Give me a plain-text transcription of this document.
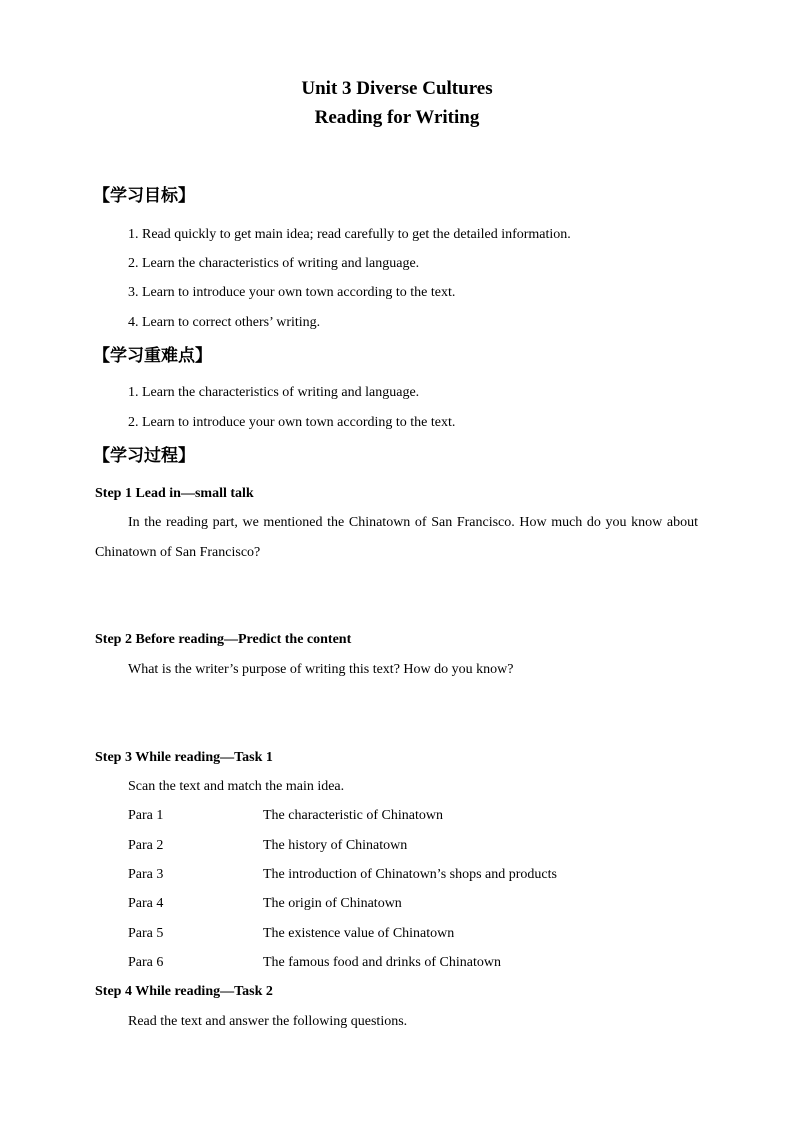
Unit 3 Diverse Cultures
Reading for Writing
【学习目标】
1. Read quickly to get main idea; read carefully to get the detailed information.
2. Learn the characteristics of writing and language.
3. Learn to introduce your own town according to the text.
4. Learn to correct others’ writing.
【学习重难点】
1. Learn the characteristics of writing and language.
2. Learn to introduce your own town according to the text.
【学习过程】
Step 1 Lead in—small talk
In the reading part, we mentioned the Chinatown of San Francisco. How much do you know about Chinatown of San Francisco?
Step 2 Before reading—Predict the content
What is the writer’s purpose of writing this text? How do you know?
Step 3 While reading—Task 1
Scan the text and match the main idea.
Para 1	The characteristic of Chinatown
Para 2	The history of Chinatown
Para 3	The introduction of Chinatown’s shops and products
Para 4	The origin of Chinatown
Para 5	The existence value of Chinatown
Para 6	The famous food and drinks of Chinatown
Step 4 While reading—Task 2
Read the text and answer the following questions.
